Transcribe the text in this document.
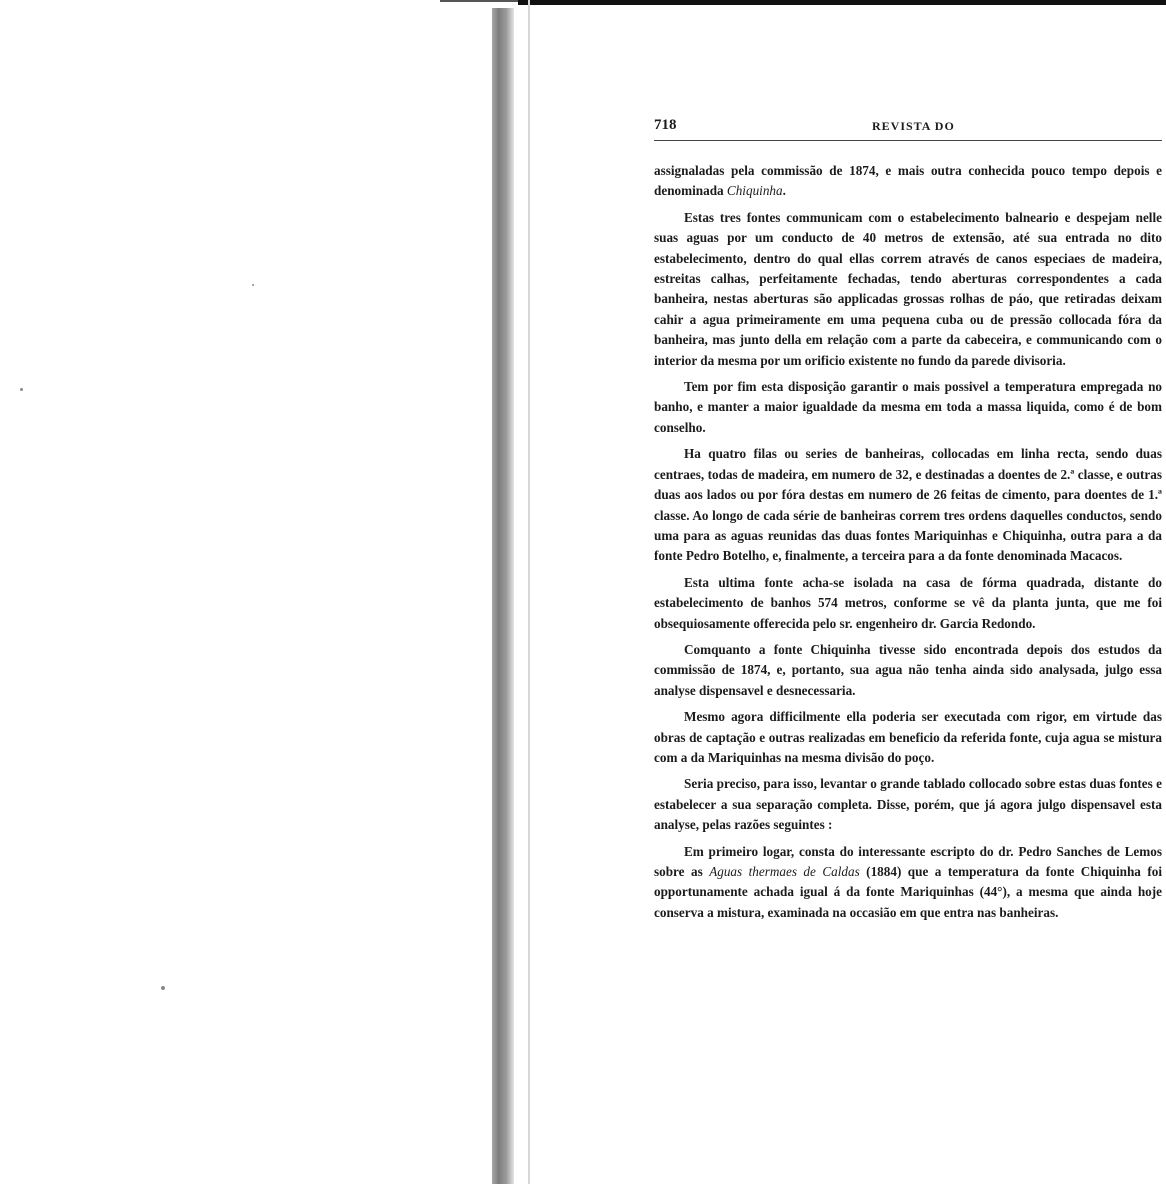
718	REVISTA DO

assignaladas pela commissão de 1874, e mais outra conhecida pouco tempo depois e denominada Chiquinha.

Estas tres fontes communicam com o estabelecimento balneario e despejam nelle suas aguas por um conducto de 40 metros de extensão, até sua entrada no dito estabelecimento, dentro do qual ellas correm através de canos especiaes de madeira, estreitas calhas, perfeitamente fechadas, tendo aberturas correspondentes a cada banheira, nestas aberturas são applicadas grossas rolhas de páo, que retiradas deixam cahir a agua primeiramente em uma pequena cuba ou de pressão collocada fóra da banheira, mas junto della em relação com a parte da cabeceira, e communicando com o interior da mesma por um orificio existente no fundo da parede divisoria.

Tem por fim esta disposição garantir o mais possivel a temperatura empregada no banho, e manter a maior igualdade da mesma em toda a massa liquida, como é de bom conselho.

Ha quatro filas ou series de banheiras, collocadas em linha recta, sendo duas centraes, todas de madeira, em numero de 32, e destinadas a doentes de 2.ª classe, e outras duas aos lados ou por fóra destas em numero de 26 feitas de cimento, para doentes de 1.ª classe. Ao longo de cada série de banheiras correm tres ordens daquelles conductos, sendo uma para as aguas reunidas das duas fontes Mariquinhas e Chiquinha, outra para a da fonte Pedro Botelho, e, finalmente, a terceira para a da fonte denominada Macacos.

Esta ultima fonte acha-se isolada na casa de fórma quadrada, distante do estabelecimento de banhos 574 metros, conforme se vê da planta junta, que me foi obsequiosamente offerecida pelo sr. engenheiro dr. Garcia Redondo.

Comquanto a fonte Chiquinha tivesse sido encontrada depois dos estudos da commissão de 1874, e, portanto, sua agua não tenha ainda sido analysada, julgo essa analyse dispensavel e desnecessaria.

Mesmo agora difficilmente ella poderia ser executada com rigor, em virtude das obras de captação e outras realizadas em beneficio da referida fonte, cuja agua se mistura com a da Mariquinhas na mesma divisão do poço.

Seria preciso, para isso, levantar o grande tablado collocado sobre estas duas fontes e estabelecer a sua separação completa. Disse, porém, que já agora julgo dispensavel esta analyse, pelas razões seguintes :

Em primeiro logar, consta do interessante escripto do dr. Pedro Sanches de Lemos sobre as Aguas thermaes de Caldas (1884) que a temperatura da fonte Chiquinha foi opportunamente achada igual á da fonte Mariquinhas (44°), a mesma que ainda hoje conserva a mistura, examinada na occasião em que entra nas banheiras.
